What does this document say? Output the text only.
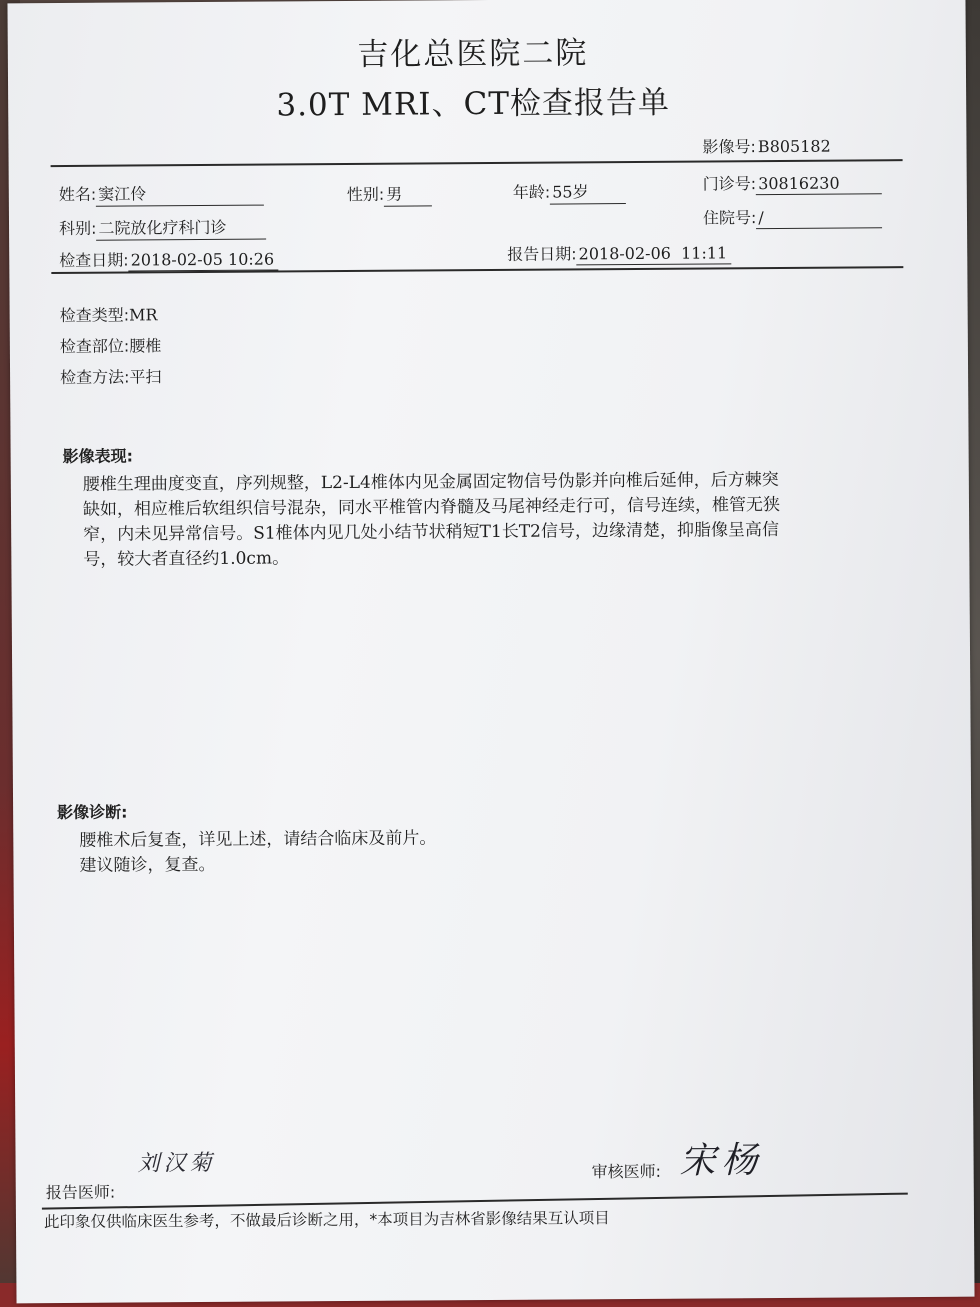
吉化总医院二院
3.0T MRI、CT检查报告单
影像号: B805182
姓名: 窦江伶	性别: 男	年龄: 55岁	门诊号: 30816230
科别: 二院放化疗科门诊
住院号: /
检查日期: 2018-02-05 10:26	报告日期: 2018-02-06  11:11
检查类型:MR
检查部位:腰椎
检查方法:平扫
影像表现:
腰椎生理曲度变直，序列规整，L2-L4椎体内见金属固定物信号伪影并向椎后延伸，后方棘突
缺如，相应椎后软组织信号混杂，同水平椎管内脊髓及马尾神经走行可，信号连续，椎管无狭
窄，内未见异常信号。S1椎体内见几处小结节状稍短T1长T2信号，边缘清楚，抑脂像呈高信
号，较大者直径约1.0cm。
影像诊断:
腰椎术后复查，详见上述，请结合临床及前片。
建议随诊，复查。
刘汉菊
报告医师:
审核医师: 宋杨
此印象仅供临床医生参考，不做最后诊断之用，*本项目为吉林省影像结果互认项目
